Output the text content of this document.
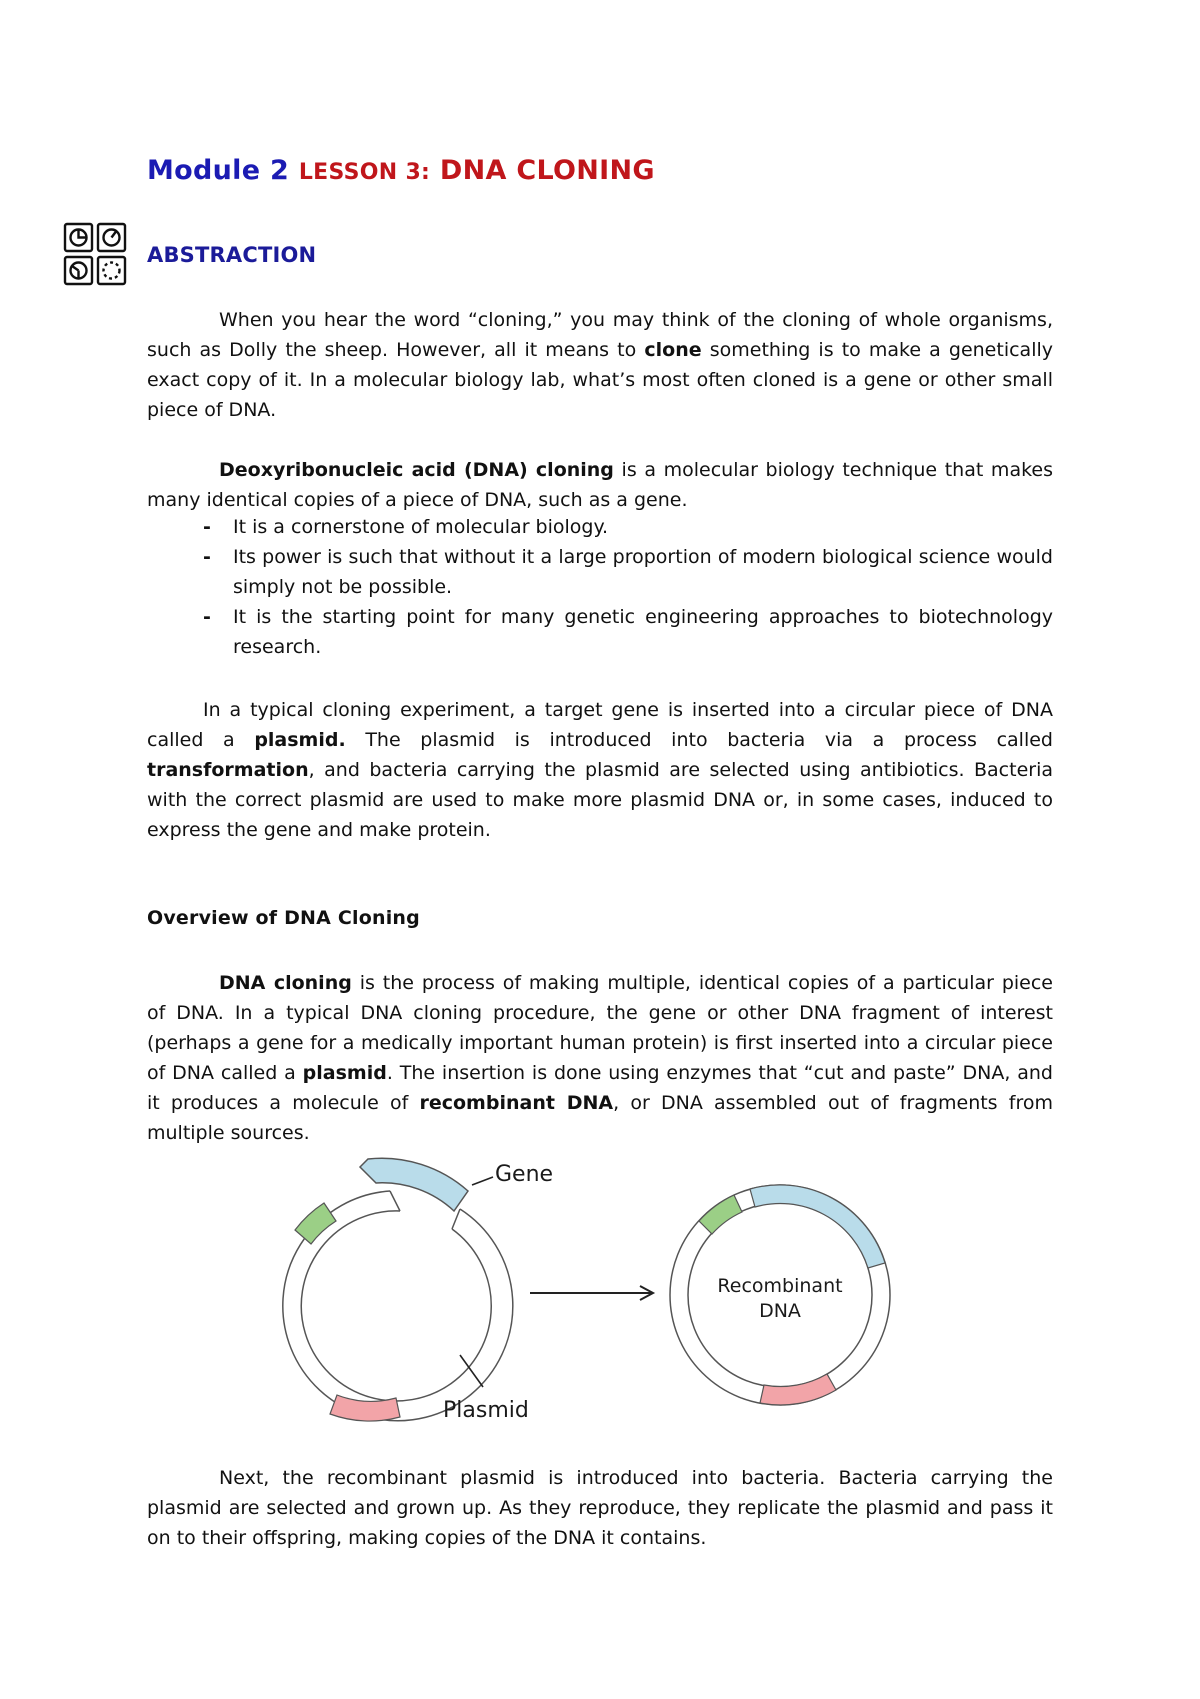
Module 2 LESSON 3: DNA CLONING
ABSTRACTION

When you hear the word “cloning,” you may think of the cloning of whole organisms, such as Dolly the sheep. However, all it means to clone something is to make a genetically exact copy of it. In a molecular biology lab, what’s most often cloned is a gene or other small piece of DNA.

Deoxyribonucleic acid (DNA) cloning is a molecular biology technique that makes many identical copies of a piece of DNA, such as a gene.

- It is a cornerstone of molecular biology.
- Its power is such that without it a large proportion of modern biological science would simply not be possible.
- It is the starting point for many genetic engineering approaches to biotechnology research.

In a typical cloning experiment, a target gene is inserted into a circular piece of DNA called a plasmid. The plasmid is introduced into bacteria via a process called transformation, and bacteria carrying the plasmid are selected using antibiotics. Bacteria with the correct plasmid are used to make more plasmid DNA or, in some cases, induced to express the gene and make protein.

Overview of DNA Cloning

DNA cloning is the process of making multiple, identical copies of a particular piece of DNA. In a typical DNA cloning procedure, the gene or other DNA fragment of interest (perhaps a gene for a medically important human protein) is first inserted into a circular piece of DNA called a plasmid. The insertion is done using enzymes that “cut and paste” DNA, and it produces a molecule of recombinant DNA, or DNA assembled out of fragments from multiple sources.

Gene
Plasmid
Recombinant
DNA

Next, the recombinant plasmid is introduced into bacteria. Bacteria carrying the plasmid are selected and grown up. As they reproduce, they replicate the plasmid and pass it on to their offspring, making copies of the DNA it contains.
